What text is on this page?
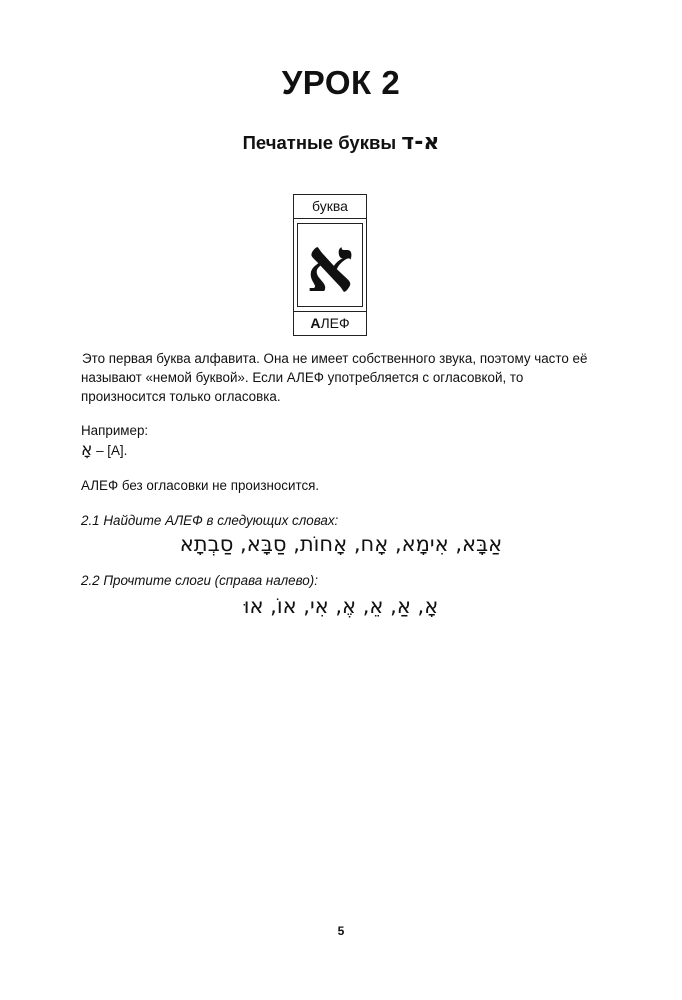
УРОК 2
Печатные буквы א-ד
буква
א
АЛЕФ
Это первая буква алфавита. Она не имеет собственного звука, поэтому часто её называют «немой буквой». Если АЛЕФ употребляется с огласовкой, то произносится только огласовка.
Например:
אָ – [А].
АЛЕФ без огласовки не произносится.
2.1 Найдите АЛЕФ в следующих словах:
אַבָּא, אִימָא, אָח, אָחוֹת, סַבָּא, סַבְתָא
2.2 Прочтите слоги (справа налево):
אָ, אַ, אֵ, אֶ, אִי, אוֹ, אוּ
5
